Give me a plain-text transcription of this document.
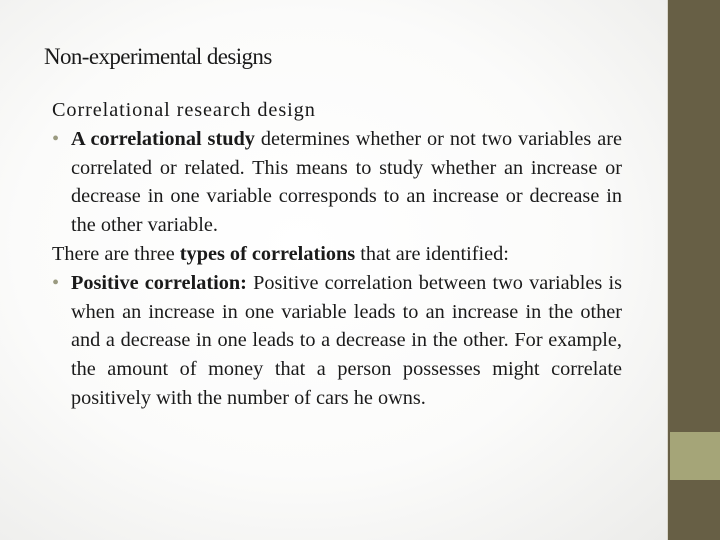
Non-experimental designs

Correlational research design

• A correlational study determines whether or not two variables are correlated or related. This means to study whether an increase or decrease in one variable corresponds to an increase or decrease in the other variable.

There are three types of correlations that are identified:

• Positive correlation: Positive correlation between two variables is when an increase in one variable leads to an increase in the other and a decrease in one leads to a decrease in the other. For example, the amount of money that a person possesses might correlate positively with the number of cars he owns.
